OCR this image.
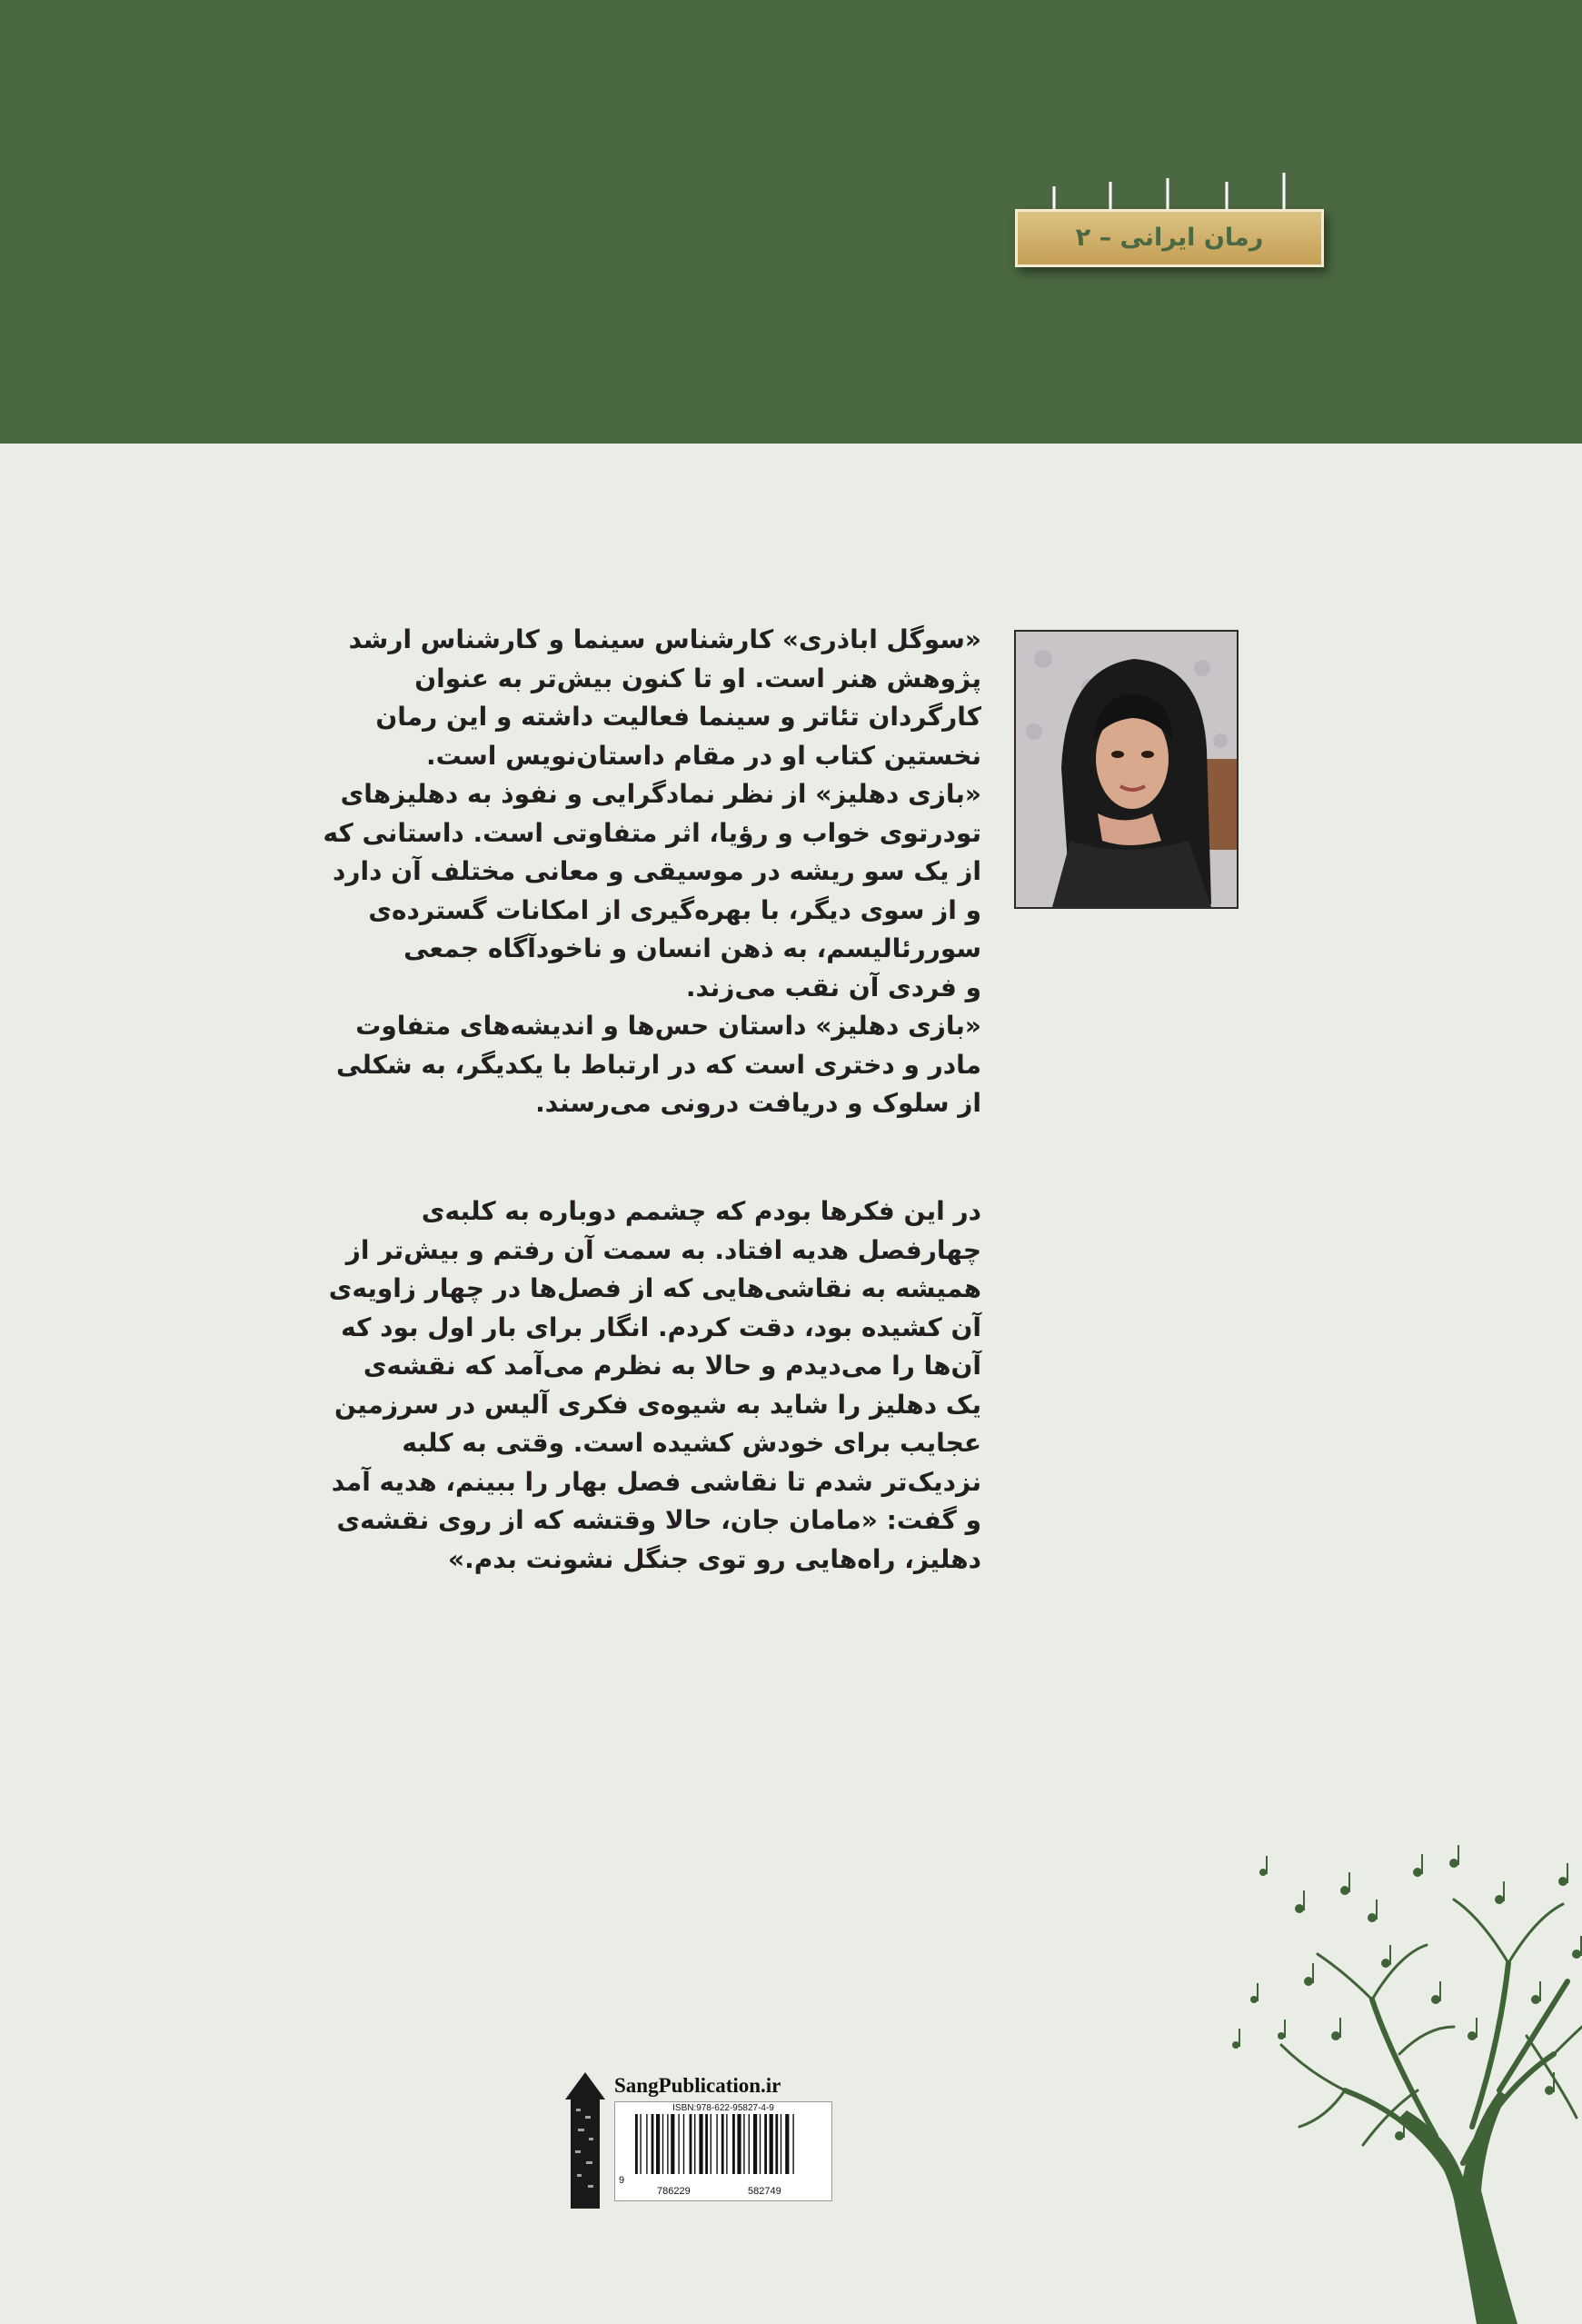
رمان ایرانی – ۲

«سوگل اباذری» کارشناس سینما و کارشناس ارشد
پژوهش هنر است. او تا کنون بیش‌تر به عنوان
کارگردان تئاتر و سینما فعالیت داشته و این رمان
نخستین کتاب او در مقام داستان‌نویس است.
«بازی دهلیز» از نظر نمادگرایی و نفوذ به دهلیزهای
تودرتوی خواب و رؤیا، اثر متفاوتی است. داستانی که
از یک سو ریشه در موسیقی و معانی مختلف آن دارد
و از سوی دیگر، با بهره‌گیری از امکانات گسترده‌ی
سوررئالیسم، به ذهن انسان و ناخودآگاه جمعی
و فردی آن نقب می‌زند.
«بازی دهلیز» داستان حس‌ها و اندیشه‌های متفاوت
مادر و دختری است که در ارتباط با یکدیگر، به شکلی
از سلوک و دریافت درونی می‌رسند.

در این فکرها بودم که چشمم دوباره به کلبه‌ی
چهارفصل هدیه افتاد. به سمت آن رفتم و بیش‌تر از
همیشه به نقاشی‌هایی که از فصل‌ها در چهار زاویه‌ی
آن کشیده بود، دقت کردم. انگار برای بار اول بود که
آن‌ها را می‌دیدم و حالا به نظرم می‌آمد که نقشه‌ی
یک دهلیز را شاید به شیوه‌ی فکری آلیس در سرزمین
عجایب برای خودش کشیده است. وقتی به کلبه
نزدیک‌تر شدم تا نقاشی فصل بهار را ببینم، هدیه آمد
و گفت: «مامان جان، حالا وقتشه که از روی نقشه‌ی
دهلیز، راه‌هایی رو توی جنگل نشونت بدم.»

SangPublication.ir
ISBN:978-622-95827-4-9
9
786229	582749
